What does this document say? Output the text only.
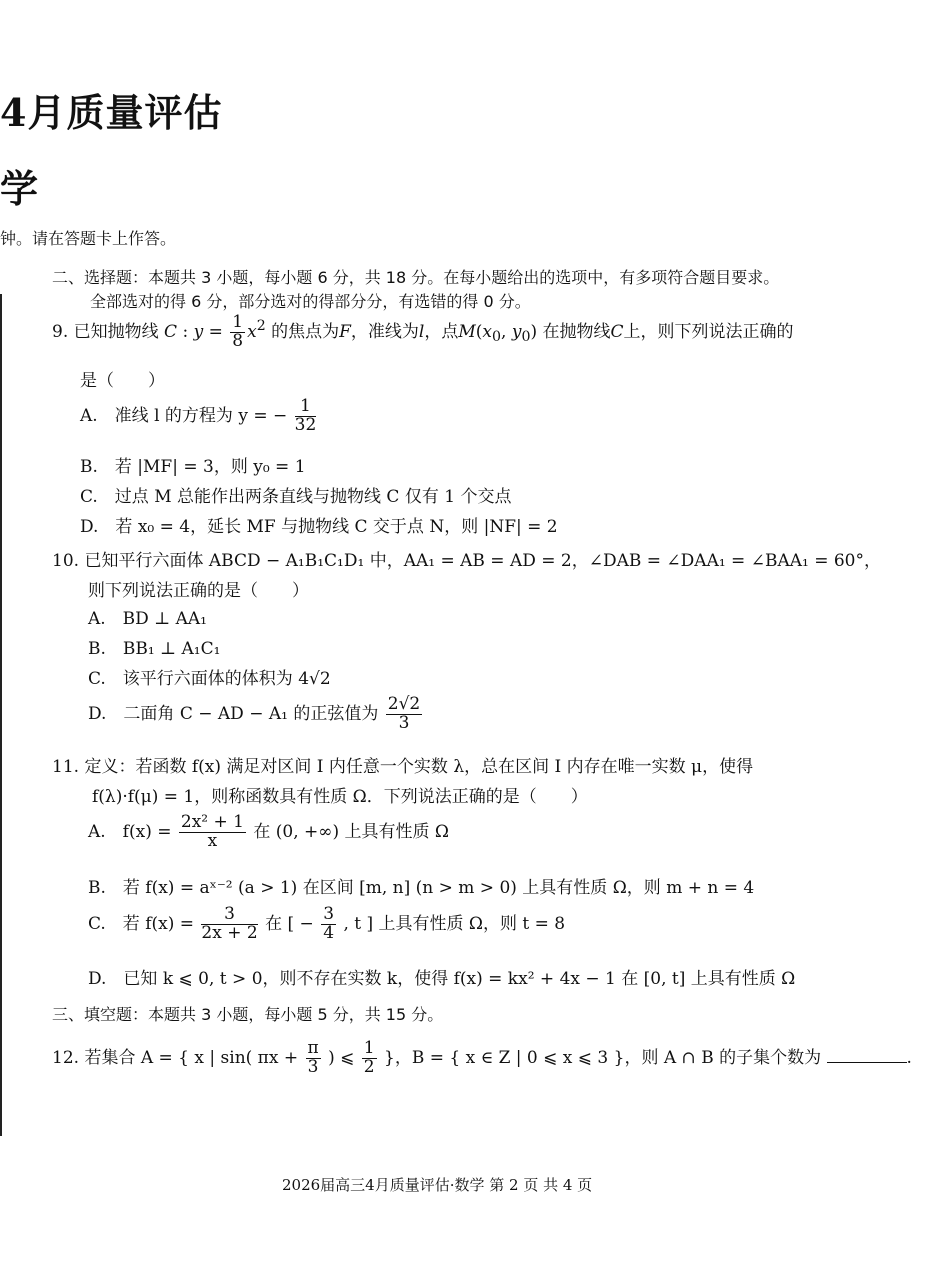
4月质量评估
学
钟。请在答题卡上作答。
二、选择题：本题共 3 小题，每小题 6 分，共 18 分。在每小题给出的选项中，有多项符合题目要求。
全部选对的得 6 分，部分选对的得部分分，有选错的得 0 分。
9. 已知抛物线 C : $y = \frac{1}{8} x^2$ 的焦点为F，准线为l，点$M(x_0$, $y_0$) 在抛物线C上，则下列说法正确的
是（　　）
A.　准线 l 的方程为 y = − $\frac{1}{32}$
B.　若 |MF| = 3，则 y₀ = 1
C.　过点 M 总能作出两条直线与抛物线 C 仅有 1 个交点
D.　若 x₀ = 4，延长 MF 与抛物线 C 交于点 N，则 |NF| = 2
10. 已知平行六面体 ABCD − A₁B₁C₁D₁ 中，AA₁ = AB = AD = 2，∠DAB = ∠DAA₁ = ∠BAA₁ = 60°，
则下列说法正确的是（　　）
A.　BD ⊥ AA₁
B.　BB₁ ⊥ A₁C₁
C.　该平行六面体的体积为 4√2
D.　二面角 C − AD − A₁ 的正弦值为 $\frac{2√2}{3}$
11. 定义：若函数 f(x) 满足对区间 I 内任意一个实数 λ，总在区间 I 内存在唯一实数 μ，使得
f(λ)·f(μ) = 1，则称函数具有性质 Ω．下列说法正确的是（　　）
A.　$f(x) = \frac{\text{2x² + 1}}{x}$ 在 (0, +∞) 上具有性质 Ω
B.　若 f(x) = aˣ⁻² (a > 1) 在区间 [m, n] (n > m > 0) 上具有性质 Ω，则 m + n = 4
C.　若 $f(x) = \frac{3}{2x + 2}$ 在 [ − $\frac{3}{4}$ , t ] 上具有性质 Ω，则 t = 8
D.　已知 k ⩽ 0, t > 0，则不存在实数 k，使得 f(x) = kx² + 4x − 1 在 [0, t] 上具有性质 Ω
三、填空题：本题共 3 小题，每小题 5 分，共 15 分。
12. 若集合 A = { x | sin( $\pi x + \frac{\pi}{3}$ ) ⩽ $\frac{1}{2}$ }，B = { x ∈ Z | 0 ⩽ x ⩽ 3 }，则 A ∩ B 的子集个数为	.
2026届高三4月质量评估·数学 第 2 页 共 4 页
